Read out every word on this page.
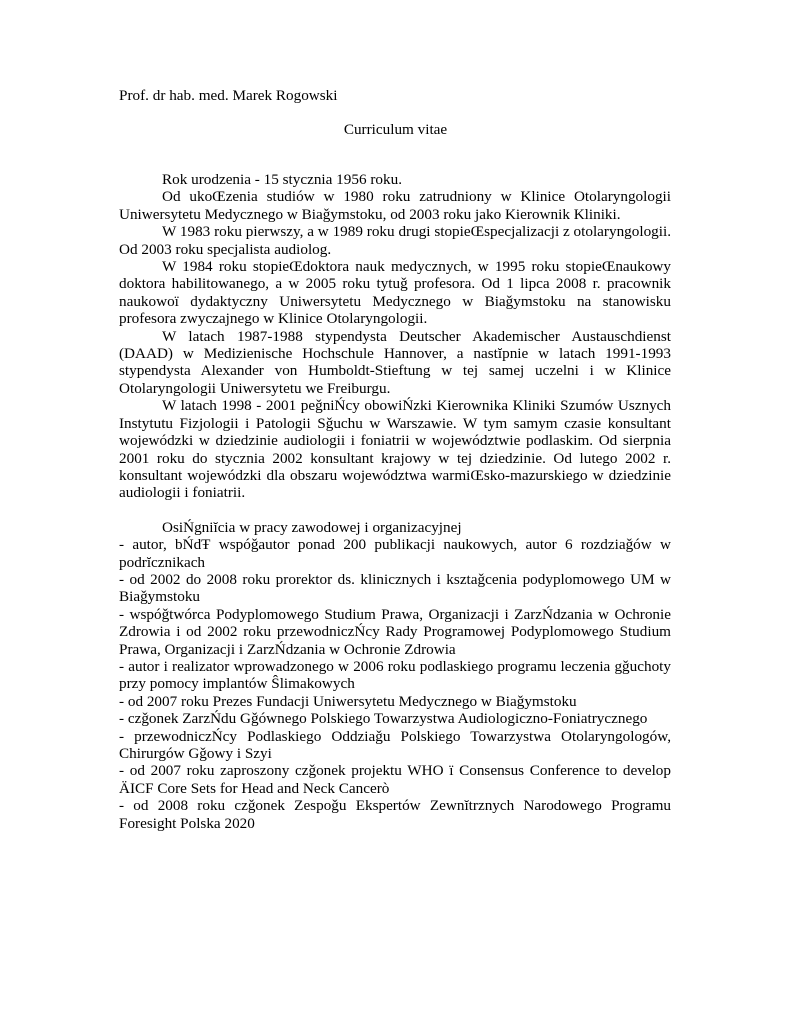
Prof. dr hab. med. Marek Rogowski
Curriculum vitae

Rok urodzenia - 15 stycznia 1956 roku.

Od ukoŒzenia studiów w 1980 roku zatrudniony w Klinice Otolaryngologii Uniwersytetu Medycznego w Biaǧymstoku, od 2003 roku jako Kierownik Kliniki.

W 1983 roku pierwszy, a w 1989 roku drugi stopieŒspecjalizacji z otolaryngologii. Od 2003 roku specjalista audiolog.

W 1984 roku stopieŒdoktora nauk medycznych, w 1995 roku stopieŒnaukowy doktora habilitowanego, a w 2005 roku tytuǧ profesora. Od 1 lipca 2008 r. pracownik naukowoï dydaktyczny Uniwersytetu Medycznego w Biaǧymstoku na stanowisku profesora zwyczajnego w Klinice Otolaryngologii.

W latach 1987-1988 stypendysta Deutscher Akademischer Austauschdienst (DAAD) w Medizienische Hochschule Hannover, a nastĭpnie w latach 1991-1993 stypendysta Alexander von Humboldt-Stieftung w tej samej uczelni i w Klinice Otolaryngologii Uniwersytetu we Freiburgu.

W latach 1998 - 2001 peǧniŃcy obowiŃzki Kierownika Kliniki Szumów Usznych Instytutu Fizjologii i Patologii Sǧuchu w Warszawie. W tym samym czasie konsultant wojewódzki w dziedzinie audiologii i foniatrii w województwie podlaskim. Od sierpnia 2001 roku do stycznia 2002 konsultant krajowy w tej dziedzinie. Od lutego 2002 r. konsultant wojewódzki dla obszaru województwa warmiŒsko-mazurskiego w dziedzinie audiologii i foniatrii.

OsiŃgniĭcia w pracy zawodowej i organizacyjnej

- autor, bŃdŦ wspóǧautor ponad 200 publikacji naukowych, autor 6 rozdziaǧów w podrĭcznikach
- od 2002 do 2008 roku prorektor ds. klinicznych i ksztaǧcenia podyplomowego UM w Biaǧymstoku
- wspóǧtwórca Podyplomowego Studium Prawa, Organizacji i ZarzŃdzania w Ochronie Zdrowia i od 2002 roku przewodniczŃcy Rady Programowej Podyplomowego Studium Prawa, Organizacji i ZarzŃdzania w Ochronie Zdrowia
- autor i realizator wprowadzonego w 2006 roku podlaskiego programu leczenia gǧuchoty przy pomocy implantów Ŝlimakowych
- od 2007 roku Prezes Fundacji Uniwersytetu Medycznego w Biaǧymstoku
- czǧonek ZarzŃdu Gǧównego Polskiego Towarzystwa Audiologiczno-Foniatrycznego
- przewodniczŃcy Podlaskiego Oddziaǧu Polskiego Towarzystwa Otolaryngologów, Chirurgów Gǧowy i Szyi
- od 2007 roku zaproszony czǧonek projektu WHO ï Consensus Conference to develop ÄICF Core Sets for Head and Neck Cancerò
- od 2008 roku czǧonek Zespoǧu Ekspertów Zewnĭtrznych Narodowego Programu Foresight Polska 2020
